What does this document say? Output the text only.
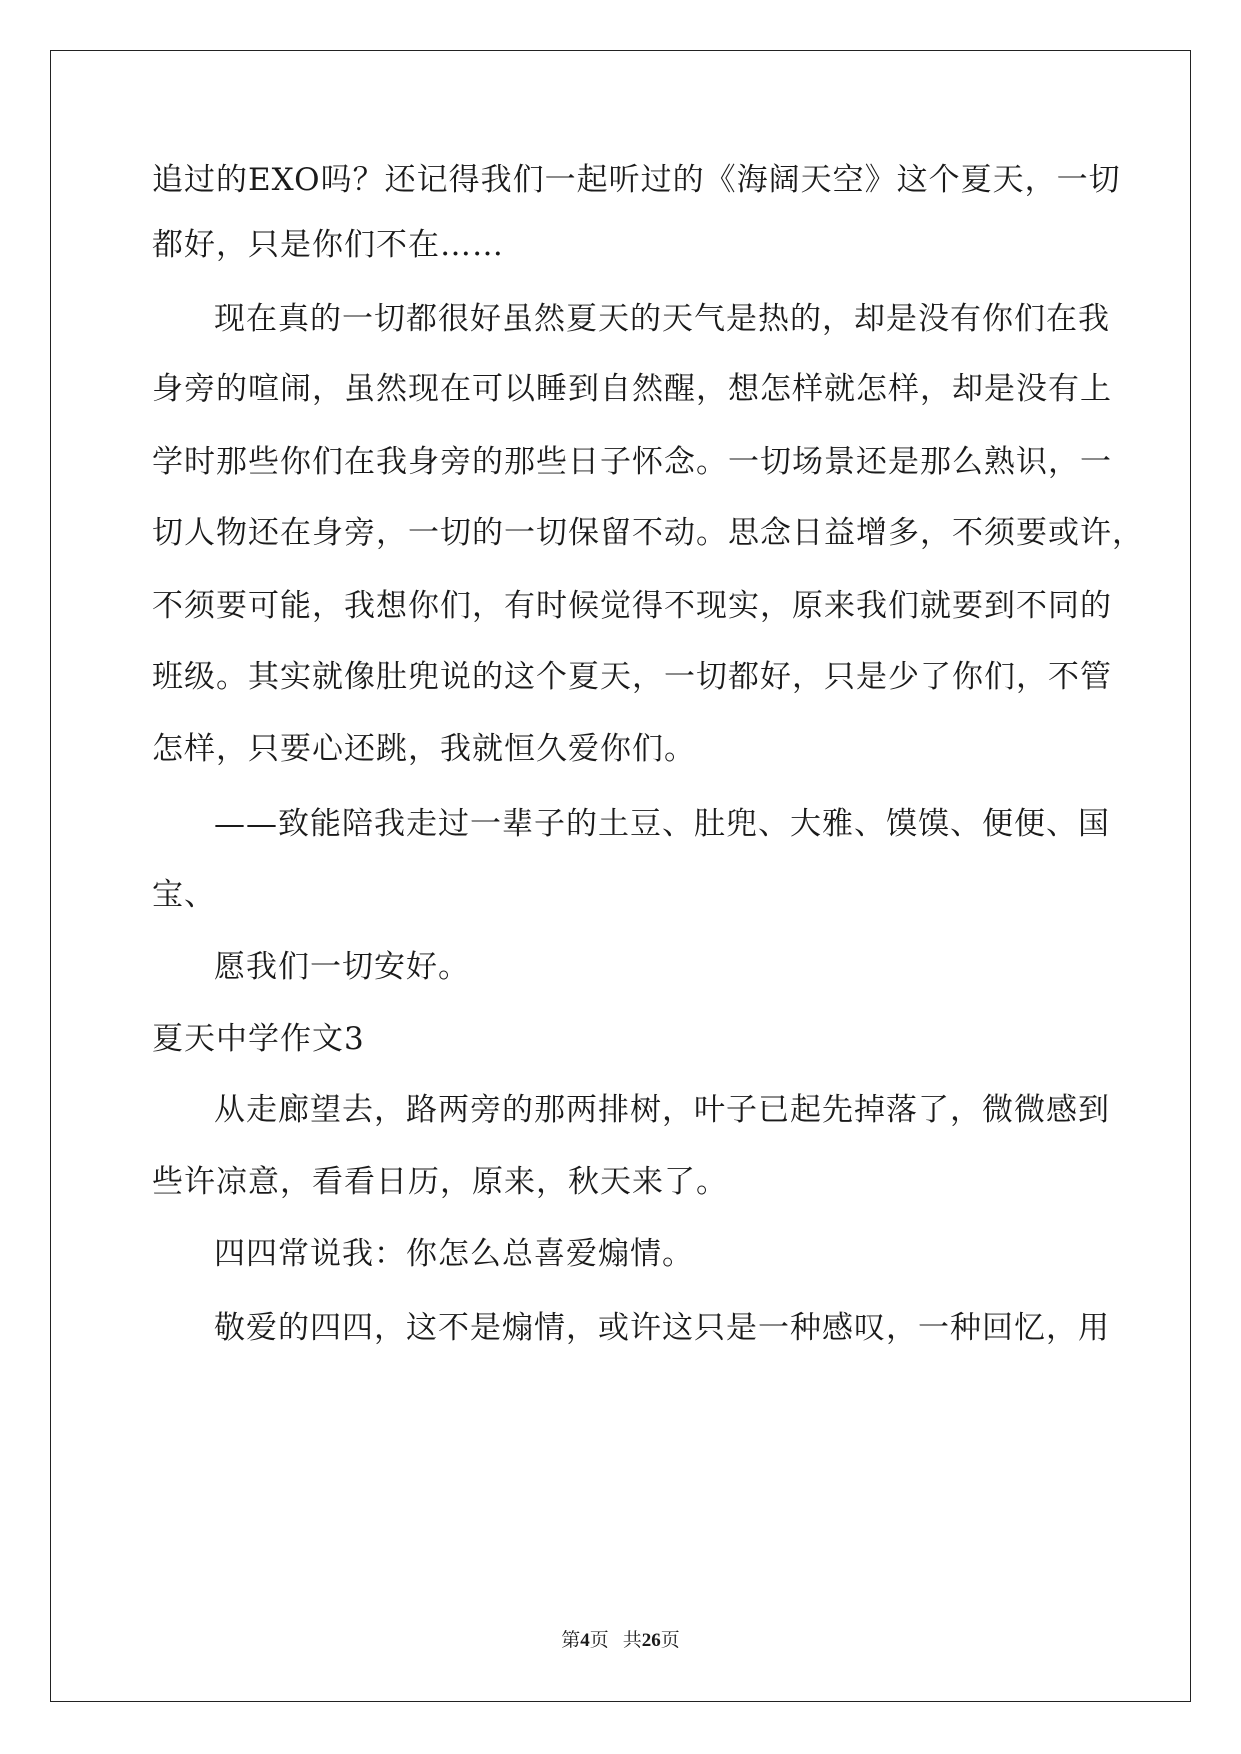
追过的EXO吗？还记得我们一起听过的《海阔天空》这个夏天，一切
都好，只是你们不在……
现在真的一切都很好虽然夏天的天气是热的，却是没有你们在我
身旁的喧闹，虽然现在可以睡到自然醒，想怎样就怎样，却是没有上
学时那些你们在我身旁的那些日子怀念。一切场景还是那么熟识，一
切人物还在身旁，一切的一切保留不动。思念日益增多，不须要或许，
不须要可能，我想你们，有时候觉得不现实，原来我们就要到不同的
班级。其实就像肚兜说的这个夏天，一切都好，只是少了你们，不管
怎样，只要心还跳，我就恒久爱你们。
——致能陪我走过一辈子的土豆、肚兜、大雅、馍馍、便便、国
宝、
愿我们一切安好。
夏天中学作文3
从走廊望去，路两旁的那两排树，叶子已起先掉落了，微微感到
些许凉意，看看日历，原来，秋天来了。
四四常说我：你怎么总喜爱煽情。
敬爱的四四，这不是煽情，或许这只是一种感叹，一种回忆，用
第4页 共26页
